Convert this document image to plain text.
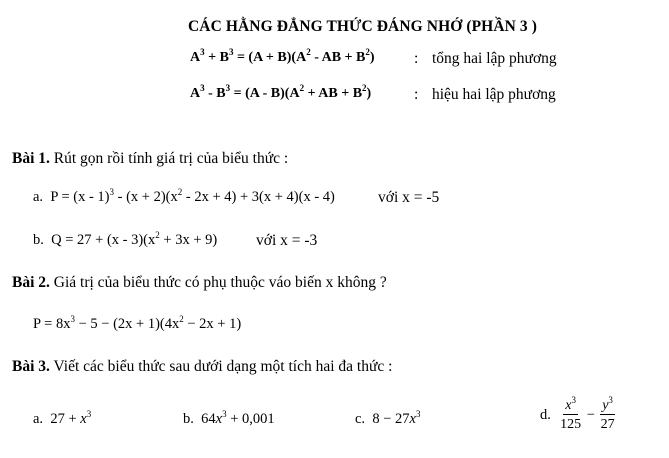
CÁC HẰNG ĐẲNG THỨC ĐÁNG NHỚ (PHẦN 3 )
$A^3 + B^3 = (A + B)(A^2$ - AB + $B^2$)	: tổng hai lập phương
$A^3 - B^3 = (A - B)(A^2$ + AB + $B^2$)	: hiệu hai lập phương
Bài 1. Rút gọn rồi tính giá trị của biểu thức :
a. $P = (x - 1)^3 - (x + 2)(x^2 - 2x + 4) + 3(x + 4)(x - 4)$	với x = -5
b. $Q = 27 + (x - 3)(x^2 + 3x + 9)$	với x = -3
Bài 2. Giá trị của biểu thức có phụ thuộc váo biến x không ?
$P = 8x^3 - 5 - (2x + 1)(4x^2 - 2x + 1)$
Bài 3. Viết các biểu thức sau dưới dạng một tích hai đa thức :
a. $27 + x^3$	b. $64x^3 + 0,001$	c. $8 - 27x^3$	d. $\frac{x^3}{125} - \frac{y^3}{27}$
